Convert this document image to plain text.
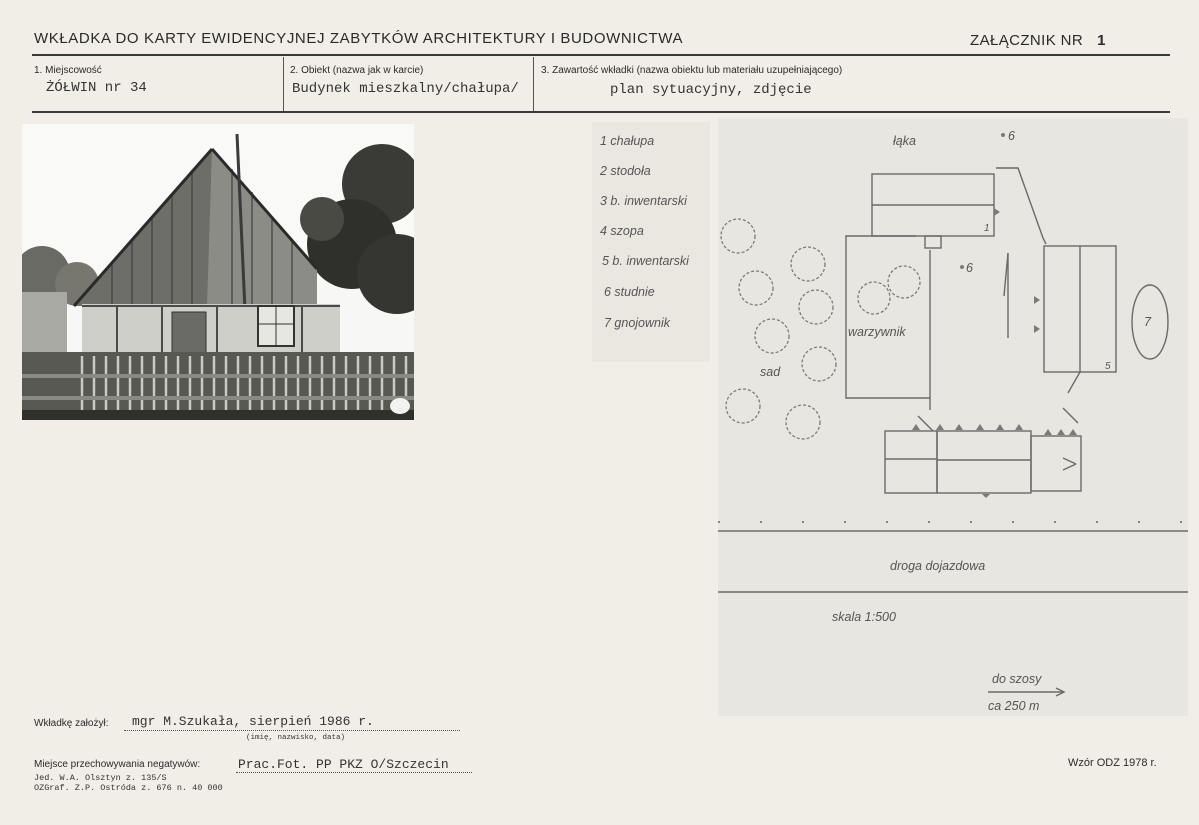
WKŁADKA DO KARTY EWIDENCYJNEJ ZABYTKÓW ARCHITEKTURY I BUDOWNICTWA	ZAŁĄCZNIK NR 1
1. Miejscowość
ŻÓŁWIN nr 34
2. Obiekt (nazwa jak w karcie)
Budynek mieszkalny/chałupa/
3. Zawartość wkładki (nazwa obiektu lub materiału uzupełniającego)
plan sytuacyjny, zdjęcie
1 chałupa
2 stodoła
3 b. inwentarski
4 szopa
5 b. inwentarski
6 studnie
7 gnojownik
łąka	6
6
1
5
7
warzywnik
sad
droga dojazdowa
skala 1:500
do szosy
ca 250 m
Wkładkę założył: mgr M.Szukała, sierpień 1986 r.
(imię, nazwisko, data)
Miejsce przechowywania negatywów:	Prac.Fot. PP PKZ O/Szczecin
Jed. W.A. Olsztyn z. 135/S
OZGraf. Z.P. Ostróda z. 676 n. 40 000
Wzór ODZ 1978 r.
